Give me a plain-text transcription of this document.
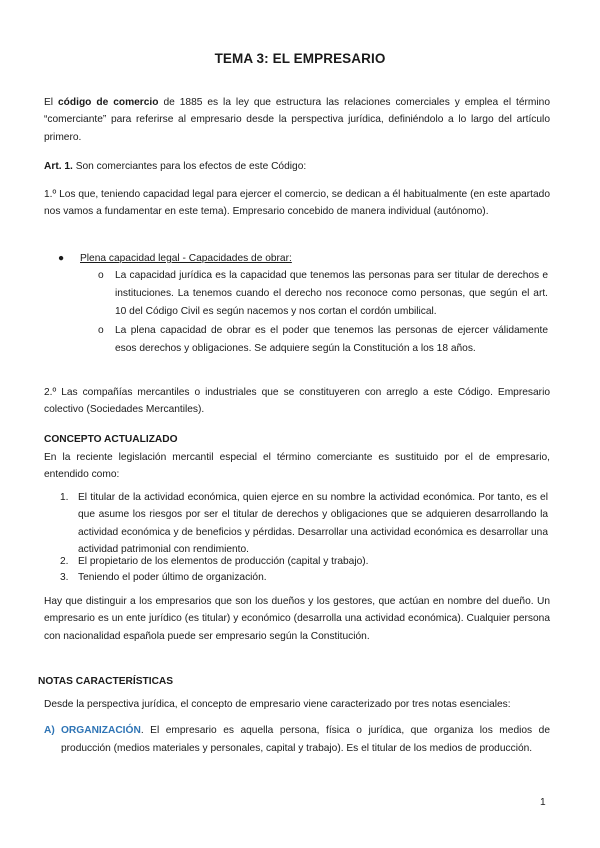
TEMA 3: EL EMPRESARIO

El código de comercio de 1885 es la ley que estructura las relaciones comerciales y emplea el término “comerciante” para referirse al empresario desde la perspectiva jurídica, definiéndolo a lo largo del artículo primero.

Art. 1. Son comerciantes para los efectos de este Código:

1.º Los que, teniendo capacidad legal para ejercer el comercio, se dedican a él habitualmente (en este apartado nos vamos a fundamentar en este tema). Empresario concebido de manera individual (autónomo).

● Plena capacidad legal - Capacidades de obrar:
o La capacidad jurídica es la capacidad que tenemos las personas para ser titular de derechos e instituciones. La tenemos cuando el derecho nos reconoce como personas, que según el art. 10 del Código Civil es según nacemos y nos cortan el cordón umbilical.
o La plena capacidad de obrar es el poder que tenemos las personas de ejercer válidamente esos derechos y obligaciones. Se adquiere según la Constitución a los 18 años.

2.º Las compañías mercantiles o industriales que se constituyeren con arreglo a este Código. Empresario colectivo (Sociedades Mercantiles).

CONCEPTO ACTUALIZADO

En la reciente legislación mercantil especial el término comerciante es sustituido por el de empresario, entendido como:

1. El titular de la actividad económica, quien ejerce en su nombre la actividad económica. Por tanto, es el que asume los riesgos por ser el titular de derechos y obligaciones que se adquieren desarrollando la actividad económica y de beneficios y pérdidas. Desarrollar una actividad económica es desarrollar una actividad patrimonial con rendimiento.
2. El propietario de los elementos de producción (capital y trabajo).
3. Teniendo el poder último de organización.

Hay que distinguir a los empresarios que son los dueños y los gestores, que actúan en nombre del dueño. Un empresario es un ente jurídico (es titular) y económico (desarrolla una actividad económica). Cualquier persona con nacionalidad española puede ser empresario según la Constitución.

NOTAS CARACTERÍSTICAS

Desde la perspectiva jurídica, el concepto de empresario viene caracterizado por tres notas esenciales:

A) ORGANIZACIÓN. El empresario es aquella persona, física o jurídica, que organiza los medios de producción (medios materiales y personales, capital y trabajo). Es el titular de los medios de producción.
1
